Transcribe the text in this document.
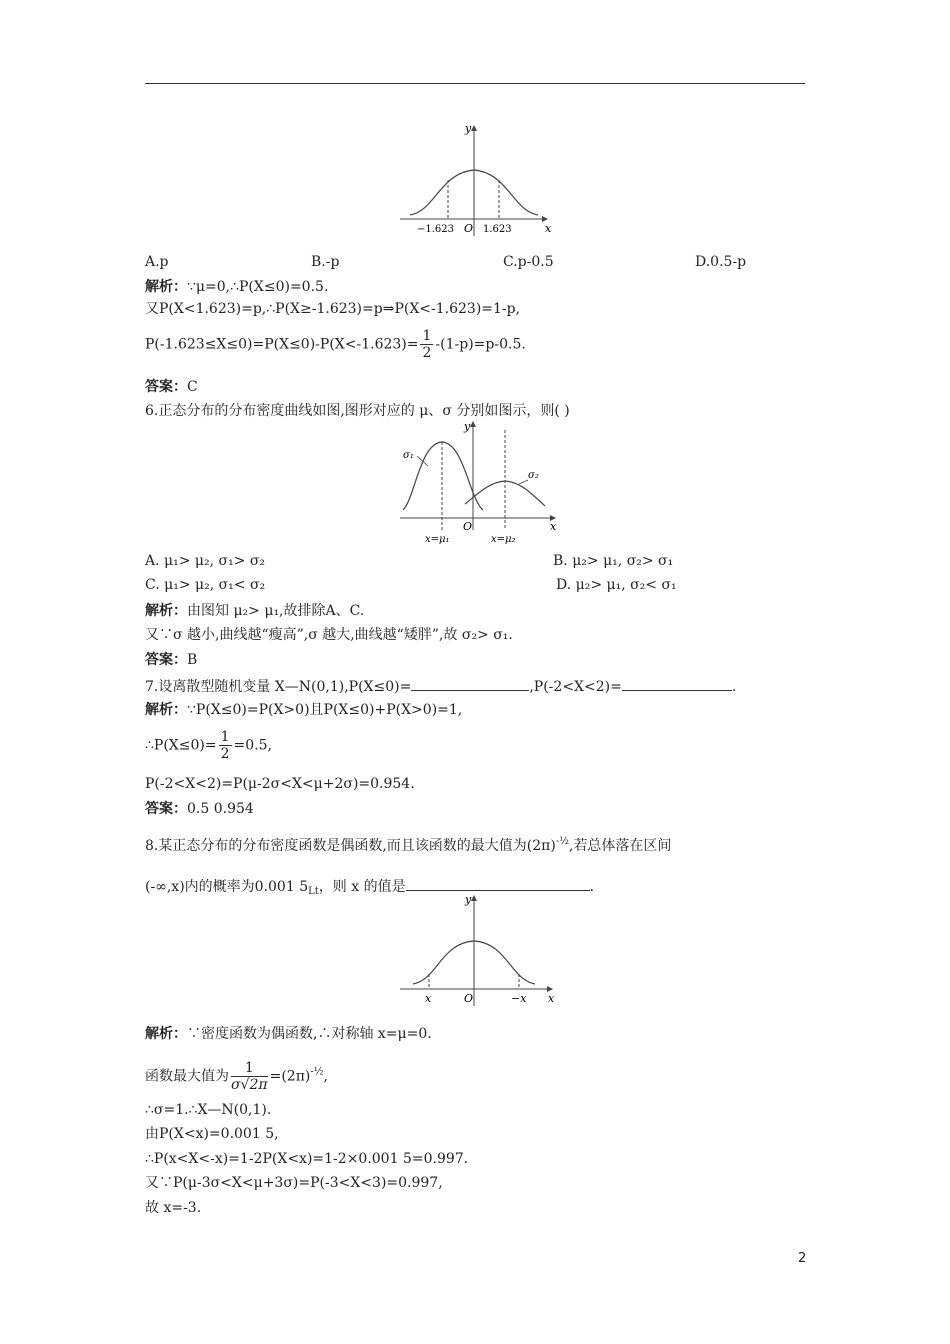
y
x
O
−1.623	1.623
A.p	B.-p	C.p-0.5	D.0.5-p
解析：∵μ=0,∴P(X≤0)=0.5.
又P(X<1.623)=p,∴P(X≥-1.623)=p⇒P(X<-1.623)=1-p,
$P(-1.623\le X\le 0)=P(X\le 0)-P(X<-1.623)= \frac{1}{2} -(1-p)=p-0.5$.
答案：C
6.正态分布的分布密度曲线如图,图形对应的 μ、σ 分别如图示，则( )
y
x
O
σ₁
σ₂
x=μ₁	x=μ₂
A. μ₁> μ₂, σ₁> σ₂	B. μ₂> μ₁, σ₂> σ₁
C. μ₁> μ₂, σ₁< σ₂	D. μ₂> μ₁, σ₂< σ₁
解析：由图知 μ₂> μ₁,故排除A、C.
又∵σ 越小,曲线越“瘦高”,σ 越大,曲线越“矮胖”,故 σ₂> σ₁.
答案：B
7.设离散型随机变量 X—N(0,1),P(X≤0)=	,P(-2<X<2)=	.
解析：∵P(X≤0)=P(X>0)且P(X≤0)+P(X>0)=1,
∴P(X≤0)= $\frac{1}{2} =0.5$,
P(-2<X<2)=P(μ-2σ<X<μ+2σ)=0.954.
答案：0.5 0.954
8.某正态分布的分布密度函数是偶函数,而且该函数的最大值为$(2\pi)^{-\frac{1}{2}}$,若总体落在区间
(-∞,x)内的概率为0.001 $5_{Lt}$，则 x 的值是	.
y
x
O
x	−x
解析：∵密度函数为偶函数,∴对称轴 x=μ=0.
函数最大值为 $\frac{1}{\sigma√2\pi} =(2\pi)^{-\frac{1}{2}}$,
∴σ=1.∴X—N(0,1).
由P(X<x)=0.001 5,
∴P(x<X<-x)=1-2P(X<x)=1-2×0.001 5=0.997.
又∵P(μ-3σ<X<μ+3σ)=P(-3<X<3)=0.997,
故 x=-3.
2
